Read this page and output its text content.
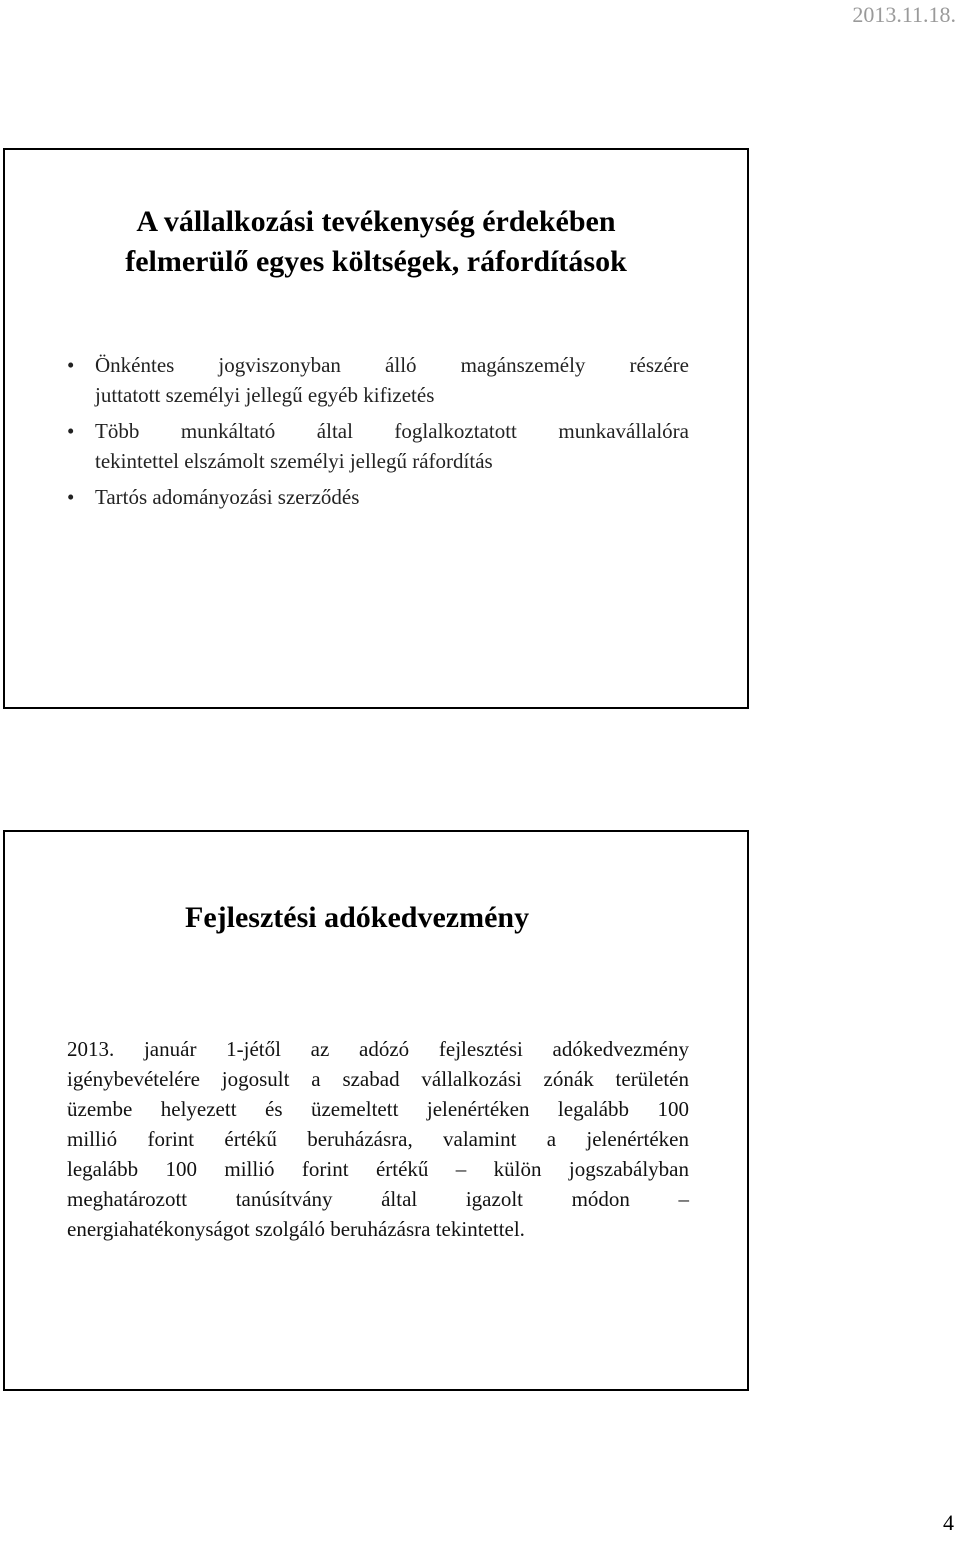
2013.11.18.
A vállalkozási tevékenység érdekében
felmerülő egyes költségek, ráfordítások
• Önkéntes jogviszonyban álló magánszemély részére
juttatott személyi jellegű egyéb kifizetés
• Több munkáltató által foglalkoztatott munkavállalóra
tekintettel elszámolt személyi jellegű ráfordítás
• Tartós adományozási szerződés
Fejlesztési adókedvezmény
2013. január 1-jétől az adózó fejlesztési adókedvezmény
igénybevételére jogosult a szabad vállalkozási zónák területén
üzembe helyezett és üzemeltett jelenértéken legalább 100
millió forint értékű beruházásra, valamint a jelenértéken
legalább 100 millió forint értékű – külön jogszabályban
meghatározott tanúsítvány által igazolt módon –
energiahatékonyságot szolgáló beruházásra tekintettel.
4
